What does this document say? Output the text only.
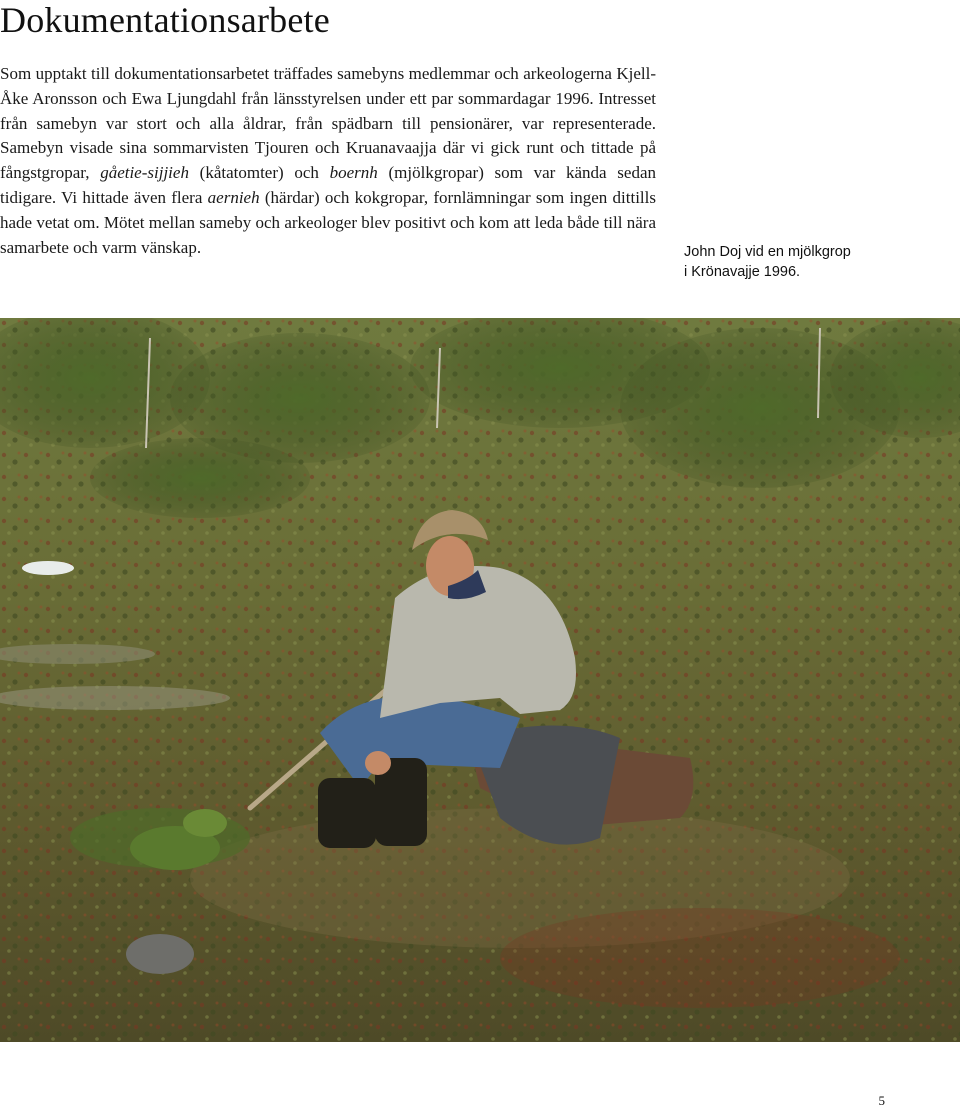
Dokumentationsarbete

Som upptakt till dokumentationsarbetet träffades samebyns medlemmar och arkeologerna Kjell-Åke Aronsson och Ewa Ljungdahl från länsstyrelsen under ett par sommardagar 1996. Intresset från samebyn var stort och alla åldrar, från spädbarn till pensionärer, var representerade. Samebyn visade sina sommarvisten Tjouren och Kruanavaajja där vi gick runt och tittade på fångstgropar, gåetie-sijjieh (kåtatomter) och boernh (mjölkgropar) som var kända sedan tidigare. Vi hittade även flera aernieh (härdar) och kokgropar, fornlämningar som ingen dittills hade vetat om. Mötet mellan sameby och arkeologer blev positivt och kom att leda både till nära samarbete och varm vänskap.	John Doj vid en mjölkgrop
i Krönavajje 1996.
5
